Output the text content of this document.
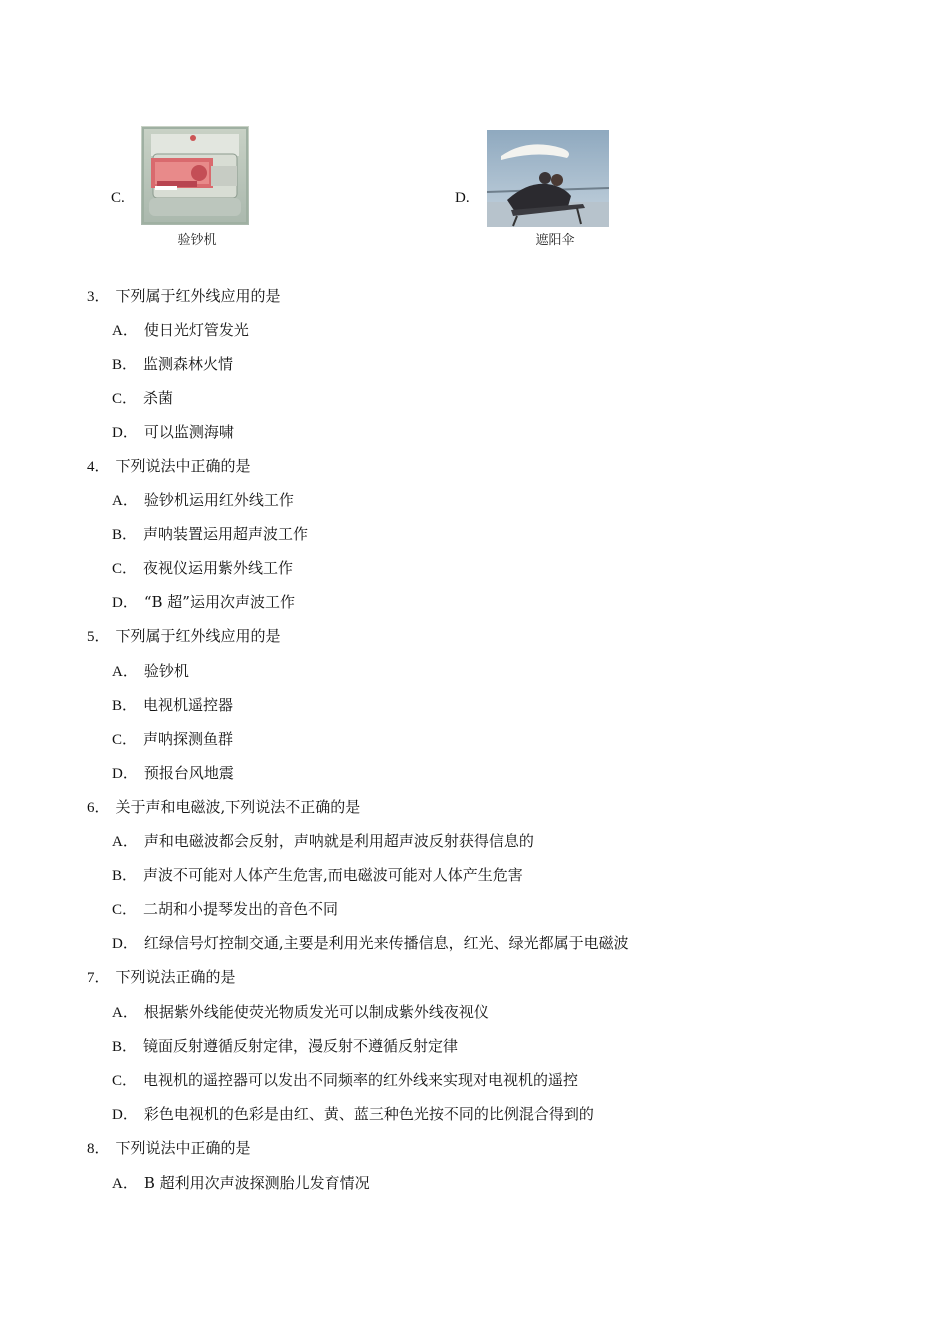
C.
验钞机
D.
遮阳伞
3． 下列属于红外线应用的是
A． 使日光灯管发光
B． 监测森林火情
C． 杀菌
D． 可以监测海啸
4． 下列说法中正确的是
A． 验钞机运用红外线工作
B． 声呐装置运用超声波工作
C． 夜视仪运用紫外线工作
D． “B 超”运用次声波工作
5． 下列属于红外线应用的是
A． 验钞机
B． 电视机遥控器
C． 声呐探测鱼群
D． 预报台风地震
6． 关于声和电磁波,下列说法不正确的是
A． 声和电磁波都会反射，声呐就是利用超声波反射获得信息的
B． 声波不可能对人体产生危害,而电磁波可能对人体产生危害
C． 二胡和小提琴发出的音色不同
D． 红绿信号灯控制交通,主要是利用光来传播信息，红光、绿光都属于电磁波
7． 下列说法正确的是
A． 根据紫外线能使荧光物质发光可以制成紫外线夜视仪
B． 镜面反射遵循反射定律，漫反射不遵循反射定律
C． 电视机的遥控器可以发出不同频率的红外线来实现对电视机的遥控
D． 彩色电视机的色彩是由红、黄、蓝三种色光按不同的比例混合得到的
8． 下列说法中正确的是
A． B 超利用次声波探测胎儿发育情况
